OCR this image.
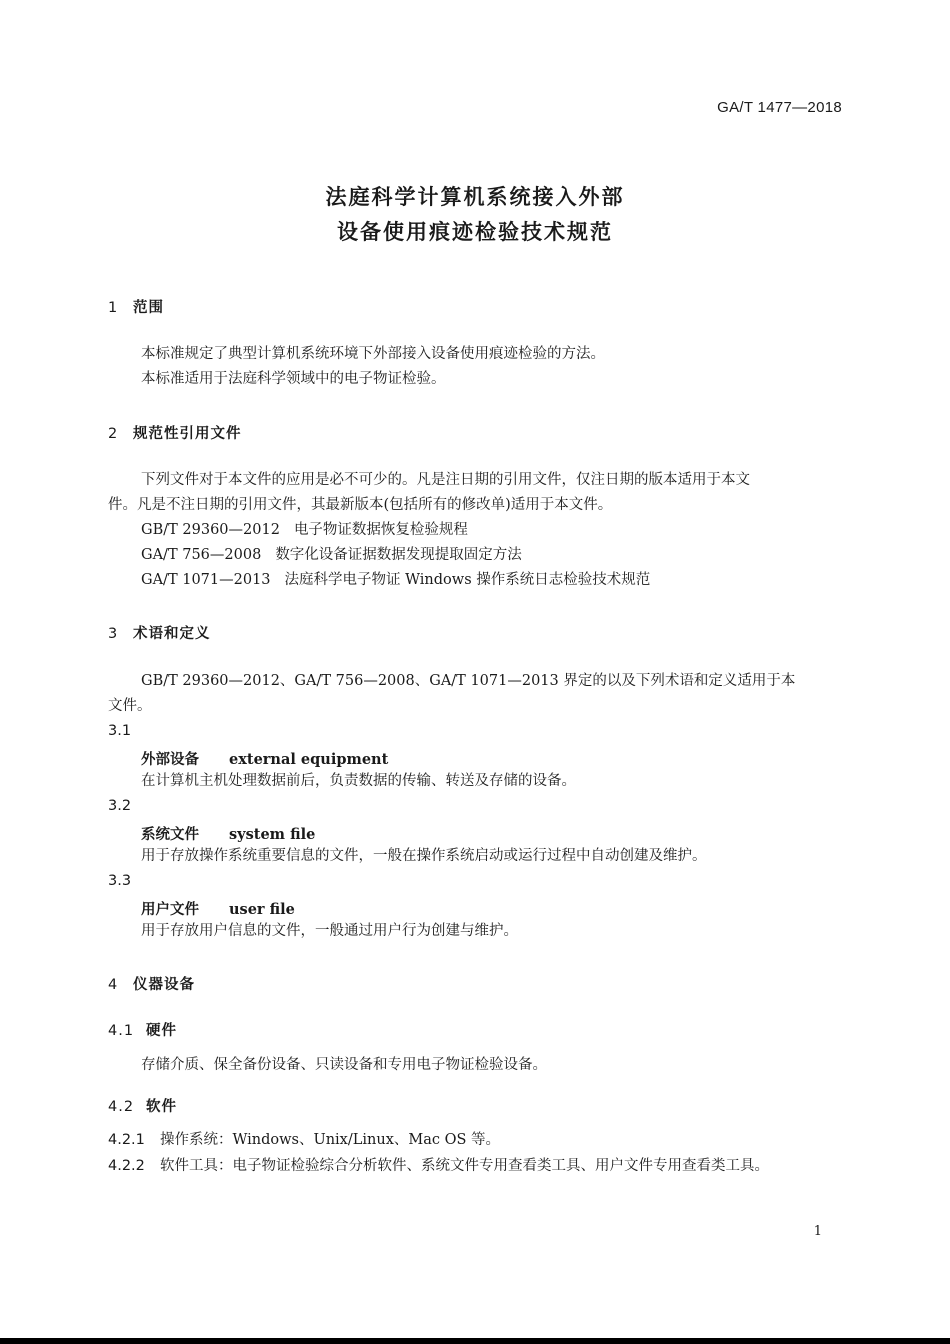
GA/T 1477—2018
法庭科学计算机系统接入外部
设备使用痕迹检验技术规范
1 范围
本标准规定了典型计算机系统环境下外部接入设备使用痕迹检验的方法。
本标准适用于法庭科学领域中的电子物证检验。
2 规范性引用文件
下列文件对于本文件的应用是必不可少的。凡是注日期的引用文件，仅注日期的版本适用于本文
件。凡是不注日期的引用文件，其最新版本(包括所有的修改单)适用于本文件。
GB/T 29360—2012 电子物证数据恢复检验规程
GA/T 756—2008 数字化设备证据数据发现提取固定方法
GA/T 1071—2013 法庭科学电子物证 Windows 操作系统日志检验技术规范
3 术语和定义
GB/T 29360—2012、GA/T 756—2008、GA/T 1071—2013 界定的以及下列术语和定义适用于本
文件。
3.1
外部设备 external equipment
在计算机主机处理数据前后，负责数据的传输、转送及存储的设备。
3.2
系统文件 system file
用于存放操作系统重要信息的文件，一般在操作系统启动或运行过程中自动创建及维护。
3.3
用户文件 user file
用于存放用户信息的文件，一般通过用户行为创建与维护。
4 仪器设备
4.1 硬件
存储介质、保全备份设备、只读设备和专用电子物证检验设备。
4.2 软件
4.2.1 操作系统：Windows、Unix/Linux、Mac OS 等。
4.2.2 软件工具：电子物证检验综合分析软件、系统文件专用查看类工具、用户文件专用查看类工具。
1
